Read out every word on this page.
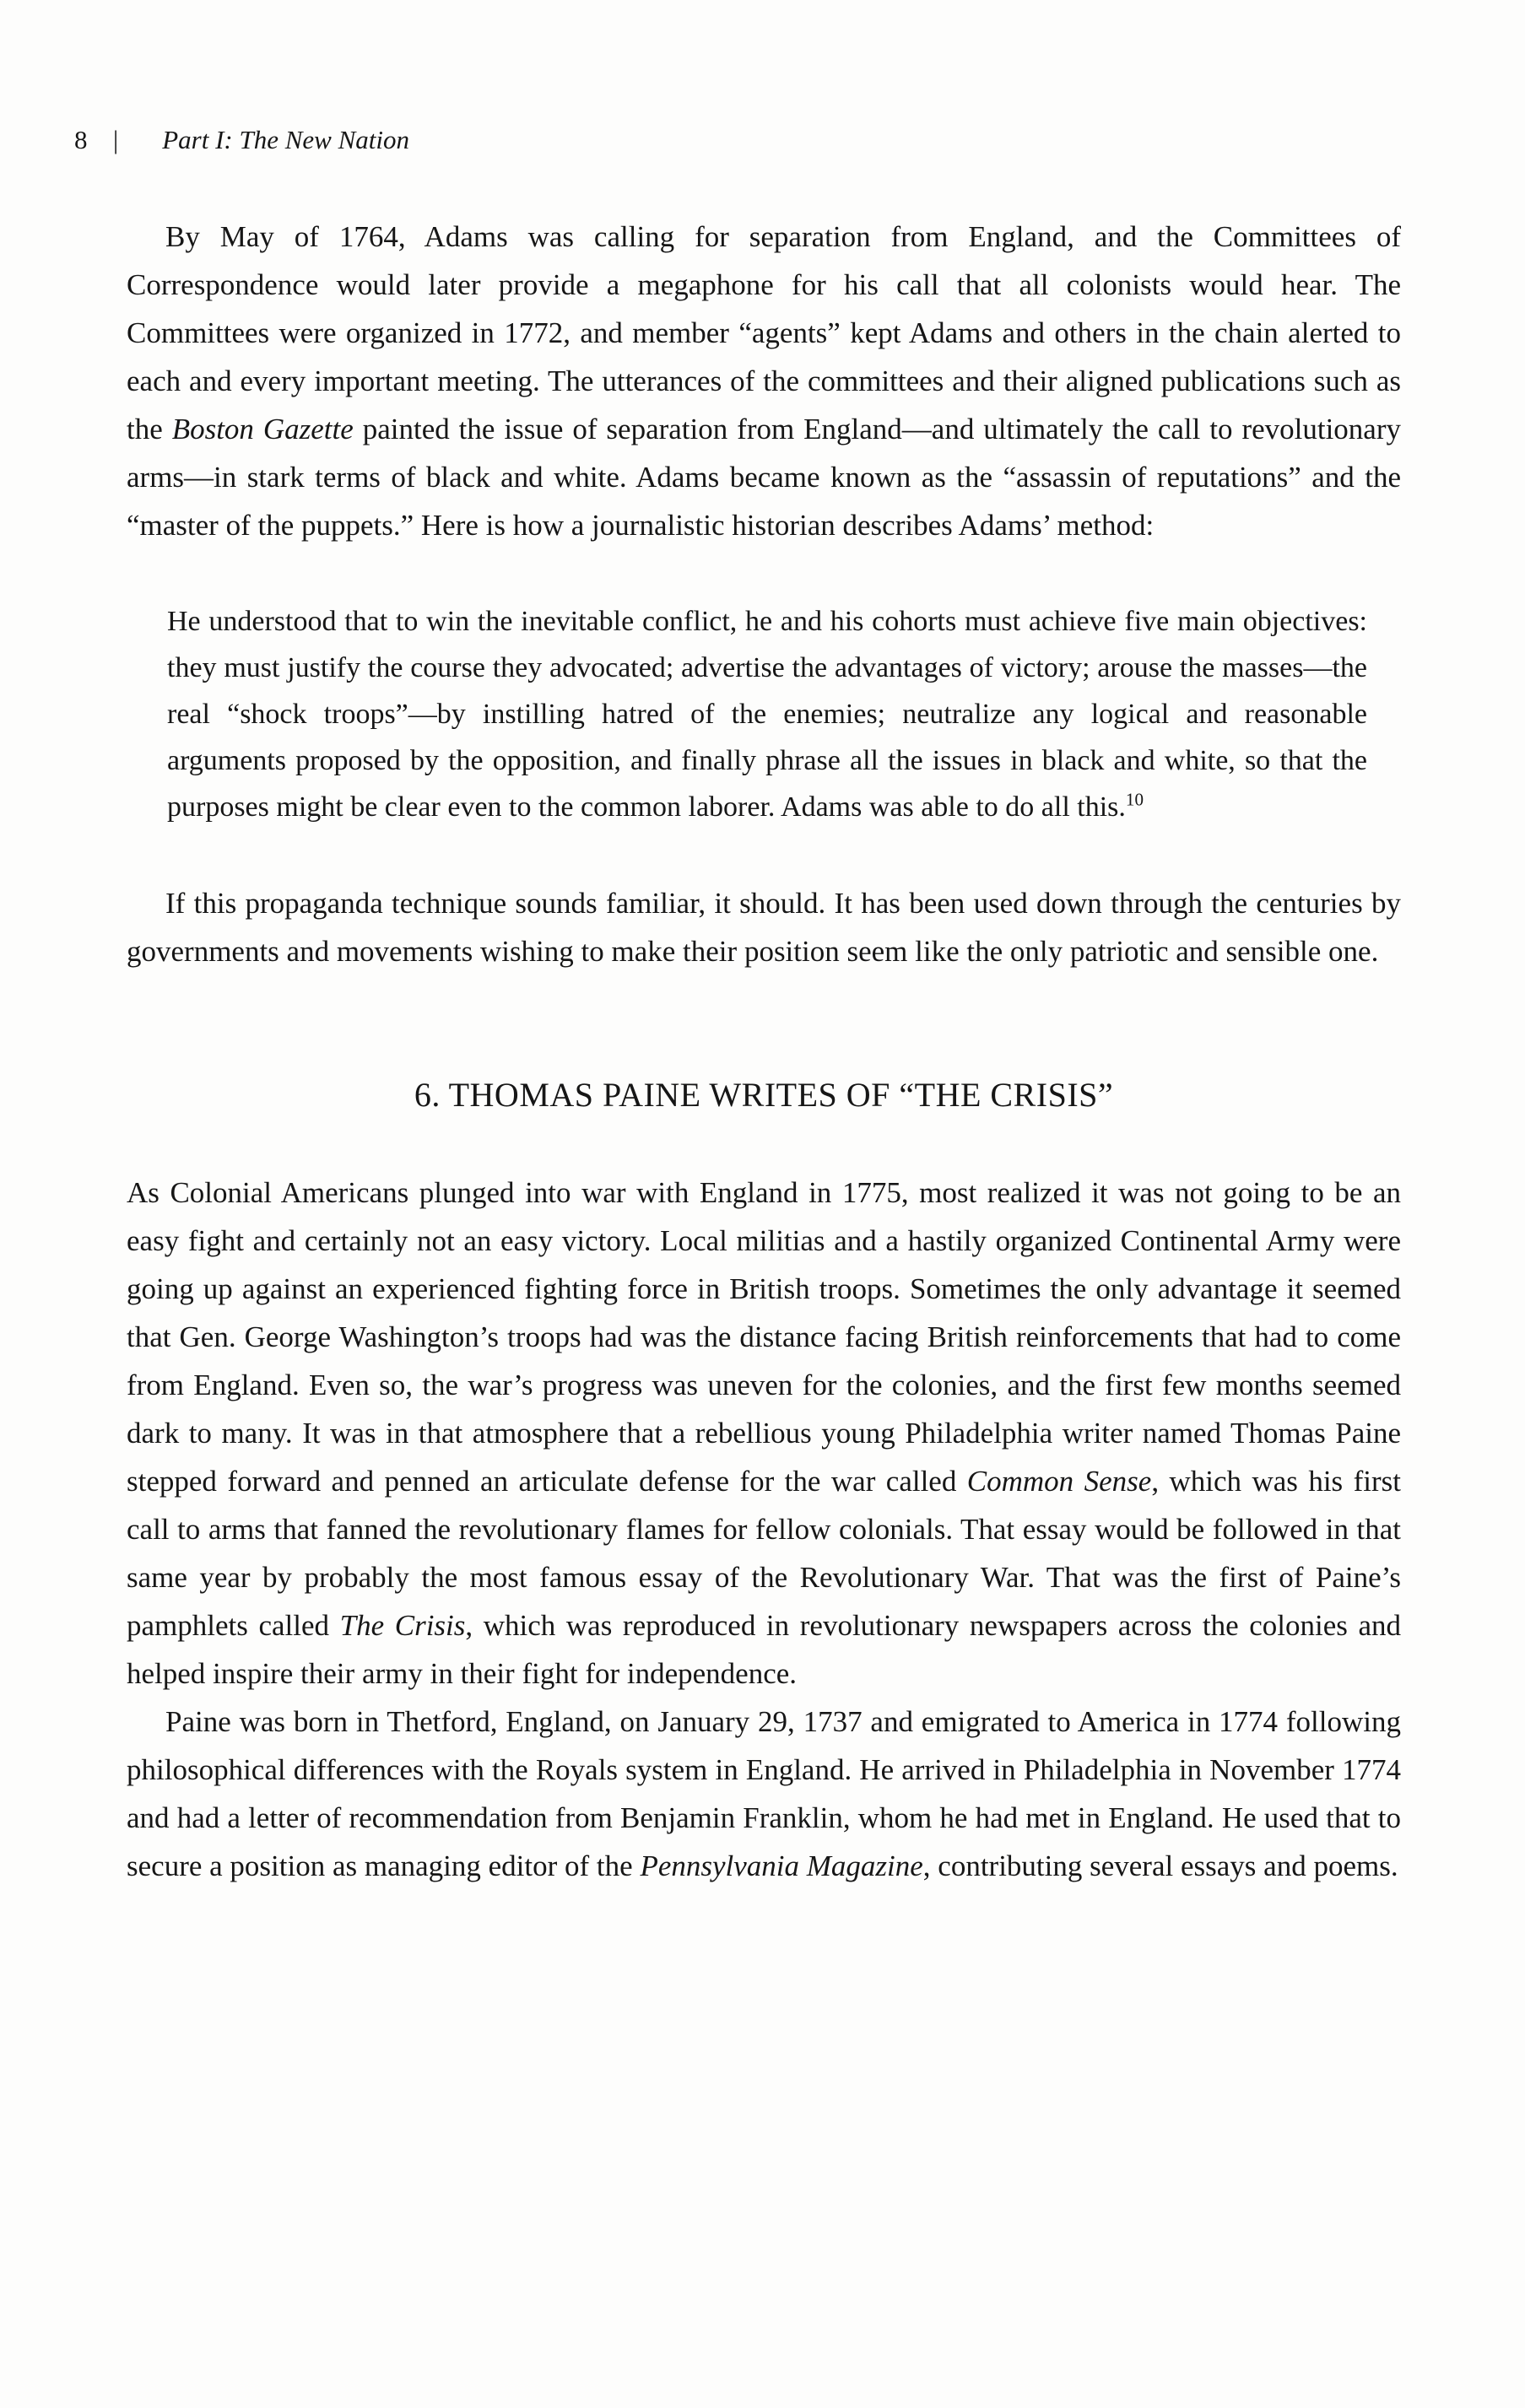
8 | Part I: The New Nation

By May of 1764, Adams was calling for separation from England, and the Committees of Correspondence would later provide a megaphone for his call that all colonists would hear. The Committees were organized in 1772, and member “agents” kept Adams and others in the chain alerted to each and every important meeting. The utterances of the committees and their aligned publications such as the Boston Gazette painted the issue of separation from England—and ultimately the call to revolutionary arms—in stark terms of black and white. Adams became known as the “assassin of reputations” and the “master of the puppets.” Here is how a journalistic historian describes Adams’ method:

He understood that to win the inevitable conflict, he and his cohorts must achieve five main objectives: they must justify the course they advocated; advertise the advantages of victory; arouse the masses—the real “shock troops”—by instilling hatred of the enemies; neutralize any logical and reasonable arguments proposed by the opposition, and finally phrase all the issues in black and white, so that the purposes might be clear even to the common laborer. Adams was able to do all this.$^{10}$

If this propaganda technique sounds familiar, it should. It has been used down through the centuries by governments and movements wishing to make their position seem like the only patriotic and sensible one.

6. THOMAS PAINE WRITES OF “THE CRISIS”

As Colonial Americans plunged into war with England in 1775, most realized it was not going to be an easy fight and certainly not an easy victory. Local militias and a hastily organized Continental Army were going up against an experienced fighting force in British troops. Sometimes the only advantage it seemed that Gen. George Washington’s troops had was the distance facing British reinforcements that had to come from England. Even so, the war’s progress was uneven for the colonies, and the first few months seemed dark to many. It was in that atmosphere that a rebellious young Philadelphia writer named Thomas Paine stepped forward and penned an articulate defense for the war called Common Sense, which was his first call to arms that fanned the revolutionary flames for fellow colonials. That essay would be followed in that same year by probably the most famous essay of the Revolutionary War. That was the first of Paine’s pamphlets called The Crisis, which was reproduced in revolutionary newspapers across the colonies and helped inspire their army in their fight for independence.

Paine was born in Thetford, England, on January 29, 1737 and emigrated to America in 1774 following philosophical differences with the Royals system in England. He arrived in Philadelphia in November 1774 and had a letter of recommendation from Benjamin Franklin, whom he had met in England. He used that to secure a position as managing editor of the Pennsylvania Magazine, contributing several essays and poems.
